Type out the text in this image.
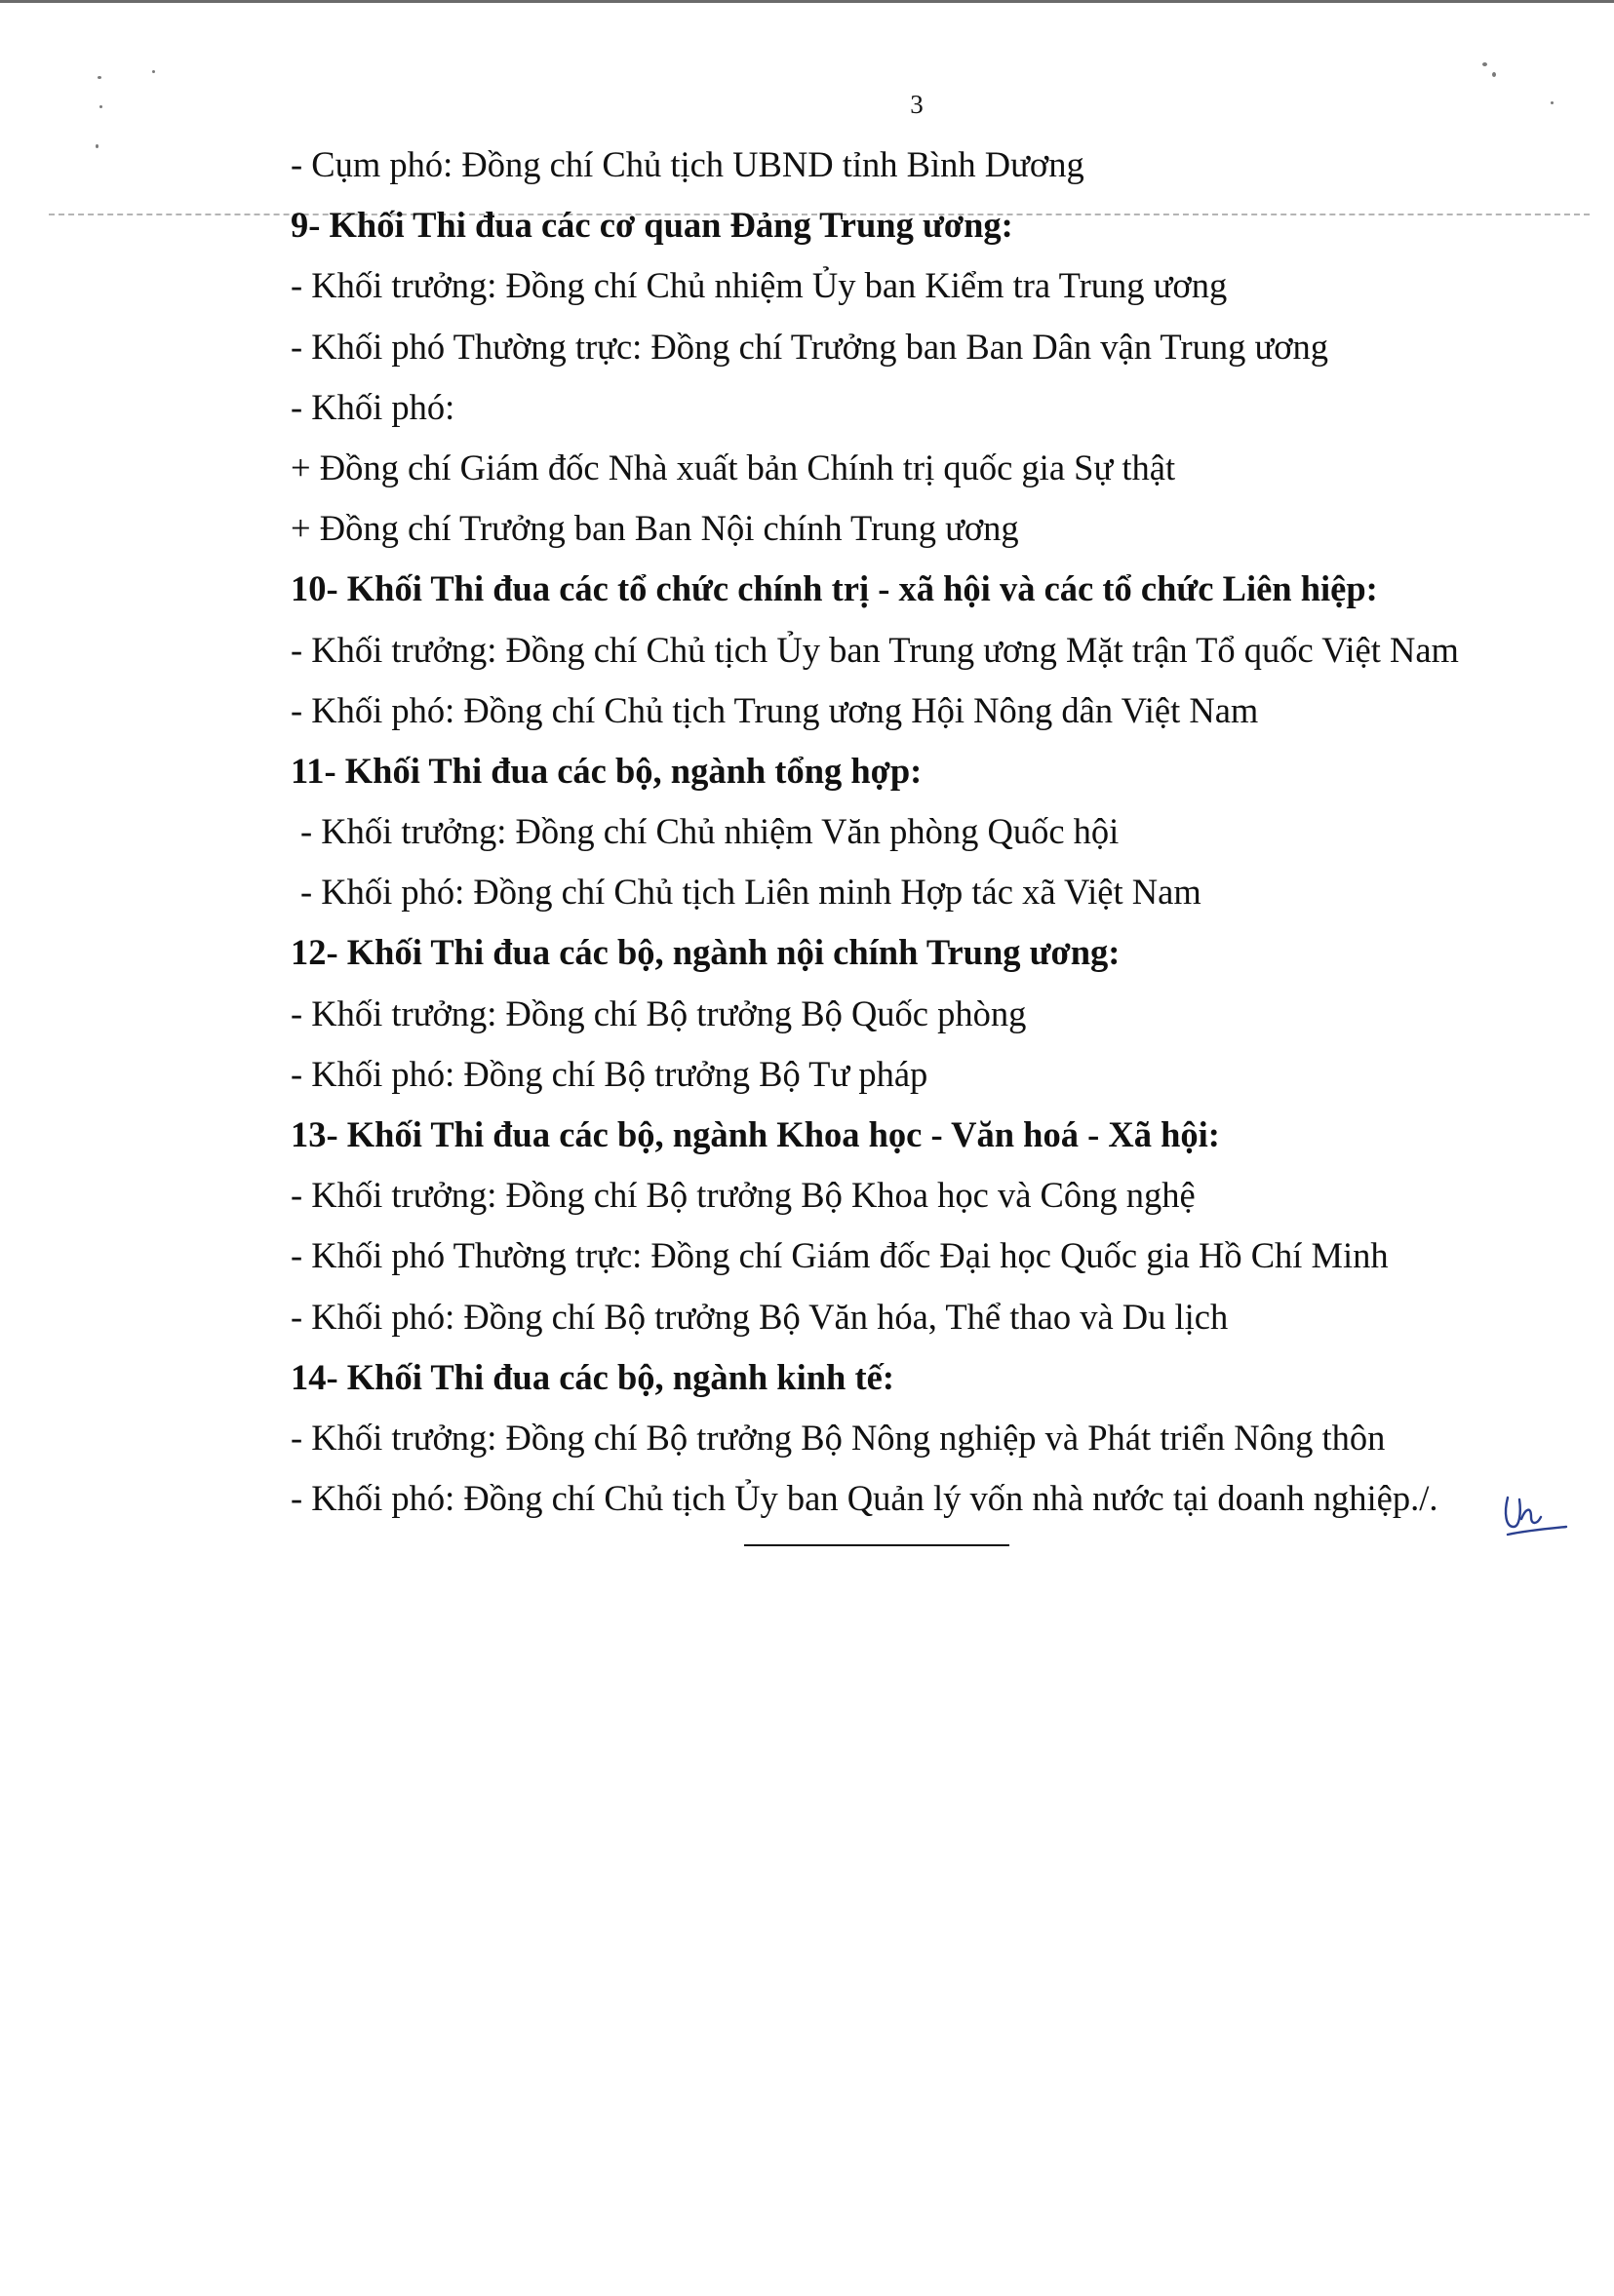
3
- Cụm phó: Đồng chí Chủ tịch UBND tỉnh Bình Dương
9- Khối Thi đua các cơ quan Đảng Trung ương:
- Khối trưởng: Đồng chí Chủ nhiệm Ủy ban Kiểm tra Trung ương
- Khối phó Thường trực: Đồng chí Trưởng ban Ban Dân vận Trung ương
- Khối phó:
+ Đồng chí Giám đốc Nhà xuất bản Chính trị quốc gia Sự thật
+ Đồng chí Trưởng ban Ban Nội chính Trung ương
10- Khối Thi đua các tổ chức chính trị - xã hội và các tổ chức Liên hiệp:
- Khối trưởng: Đồng chí Chủ tịch Ủy ban Trung ương Mặt trận Tổ quốc Việt Nam
- Khối phó: Đồng chí Chủ tịch Trung ương Hội Nông dân Việt Nam
11- Khối Thi đua các bộ, ngành tổng hợp:
- Khối trưởng: Đồng chí Chủ nhiệm Văn phòng Quốc hội
- Khối phó: Đồng chí Chủ tịch Liên minh Hợp tác xã Việt Nam
12- Khối Thi đua các bộ, ngành nội chính Trung ương:
- Khối trưởng: Đồng chí Bộ trưởng Bộ Quốc phòng
- Khối phó: Đồng chí Bộ trưởng Bộ Tư pháp
13- Khối Thi đua các bộ, ngành Khoa học - Văn hoá - Xã hội:
- Khối trưởng: Đồng chí Bộ trưởng Bộ Khoa học và Công nghệ
- Khối phó Thường trực: Đồng chí Giám đốc Đại học Quốc gia Hồ Chí Minh
- Khối phó: Đồng chí Bộ trưởng Bộ Văn hóa, Thể thao và Du lịch
14- Khối Thi đua các bộ, ngành kinh tế:
- Khối trưởng: Đồng chí Bộ trưởng Bộ Nông nghiệp và Phát triển Nông thôn
- Khối phó: Đồng chí Chủ tịch Ủy ban Quản lý vốn nhà nước tại doanh nghiệp./.
